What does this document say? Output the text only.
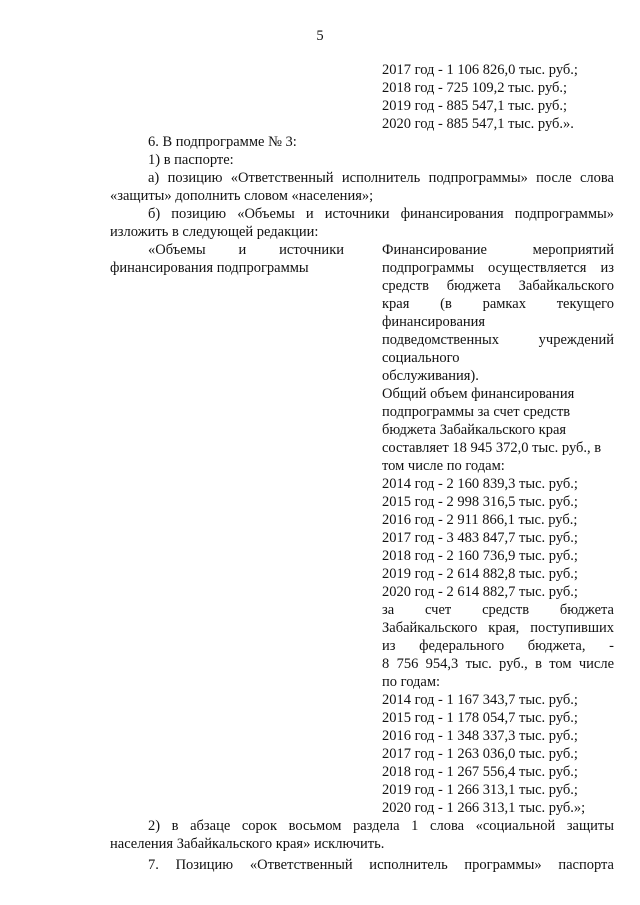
5
2017 год - 1 106 826,0 тыс. руб.;
2018 год - 725 109,2 тыс. руб.;
2019 год - 885 547,1 тыс. руб.;
2020 год - 885 547,1 тыс. руб.».
6. В подпрограмме № 3:
1) в паспорте:
а) позицию «Ответственный исполнитель подпрограммы» после слова
«защиты» дополнить словом «населения»;
б) позицию «Объемы и источники финансирования подпрограммы»
изложить в следующей редакции:
«Объемы и источники
финансирования подпрограммы
Финансирование мероприятий
подпрограммы осуществляется из
средств бюджета Забайкальского
края (в рамках текущего
финансирования
подведомственных учреждений
социального
обслуживания).
Общий объем финансирования
подпрограммы за счет средств
бюджета Забайкальского края
составляет 18 945 372,0 тыс. руб., в
том числе по годам:
2014 год - 2 160 839,3 тыс. руб.;
2015 год - 2 998 316,5 тыс. руб.;
2016 год - 2 911 866,1 тыс. руб.;
2017 год - 3 483 847,7 тыс. руб.;
2018 год - 2 160 736,9 тыс. руб.;
2019 год - 2 614 882,8 тыс. руб.;
2020 год - 2 614 882,7 тыс. руб.;
за счет средств бюджета
Забайкальского края, поступивших
из федерального бюджета, -
8 756 954,3 тыс. руб., в том числе
по годам:
2014 год - 1 167 343,7 тыс. руб.;
2015 год - 1 178 054,7 тыс. руб.;
2016 год - 1 348 337,3 тыс. руб.;
2017 год - 1 263 036,0 тыс. руб.;
2018 год - 1 267 556,4 тыс. руб.;
2019 год - 1 266 313,1 тыс. руб.;
2020 год - 1 266 313,1 тыс. руб.»;
2) в абзаце сорок восьмом раздела 1 слова «социальной защиты
населения Забайкальского края» исключить.
7. Позицию «Ответственный исполнитель программы» паспорта
